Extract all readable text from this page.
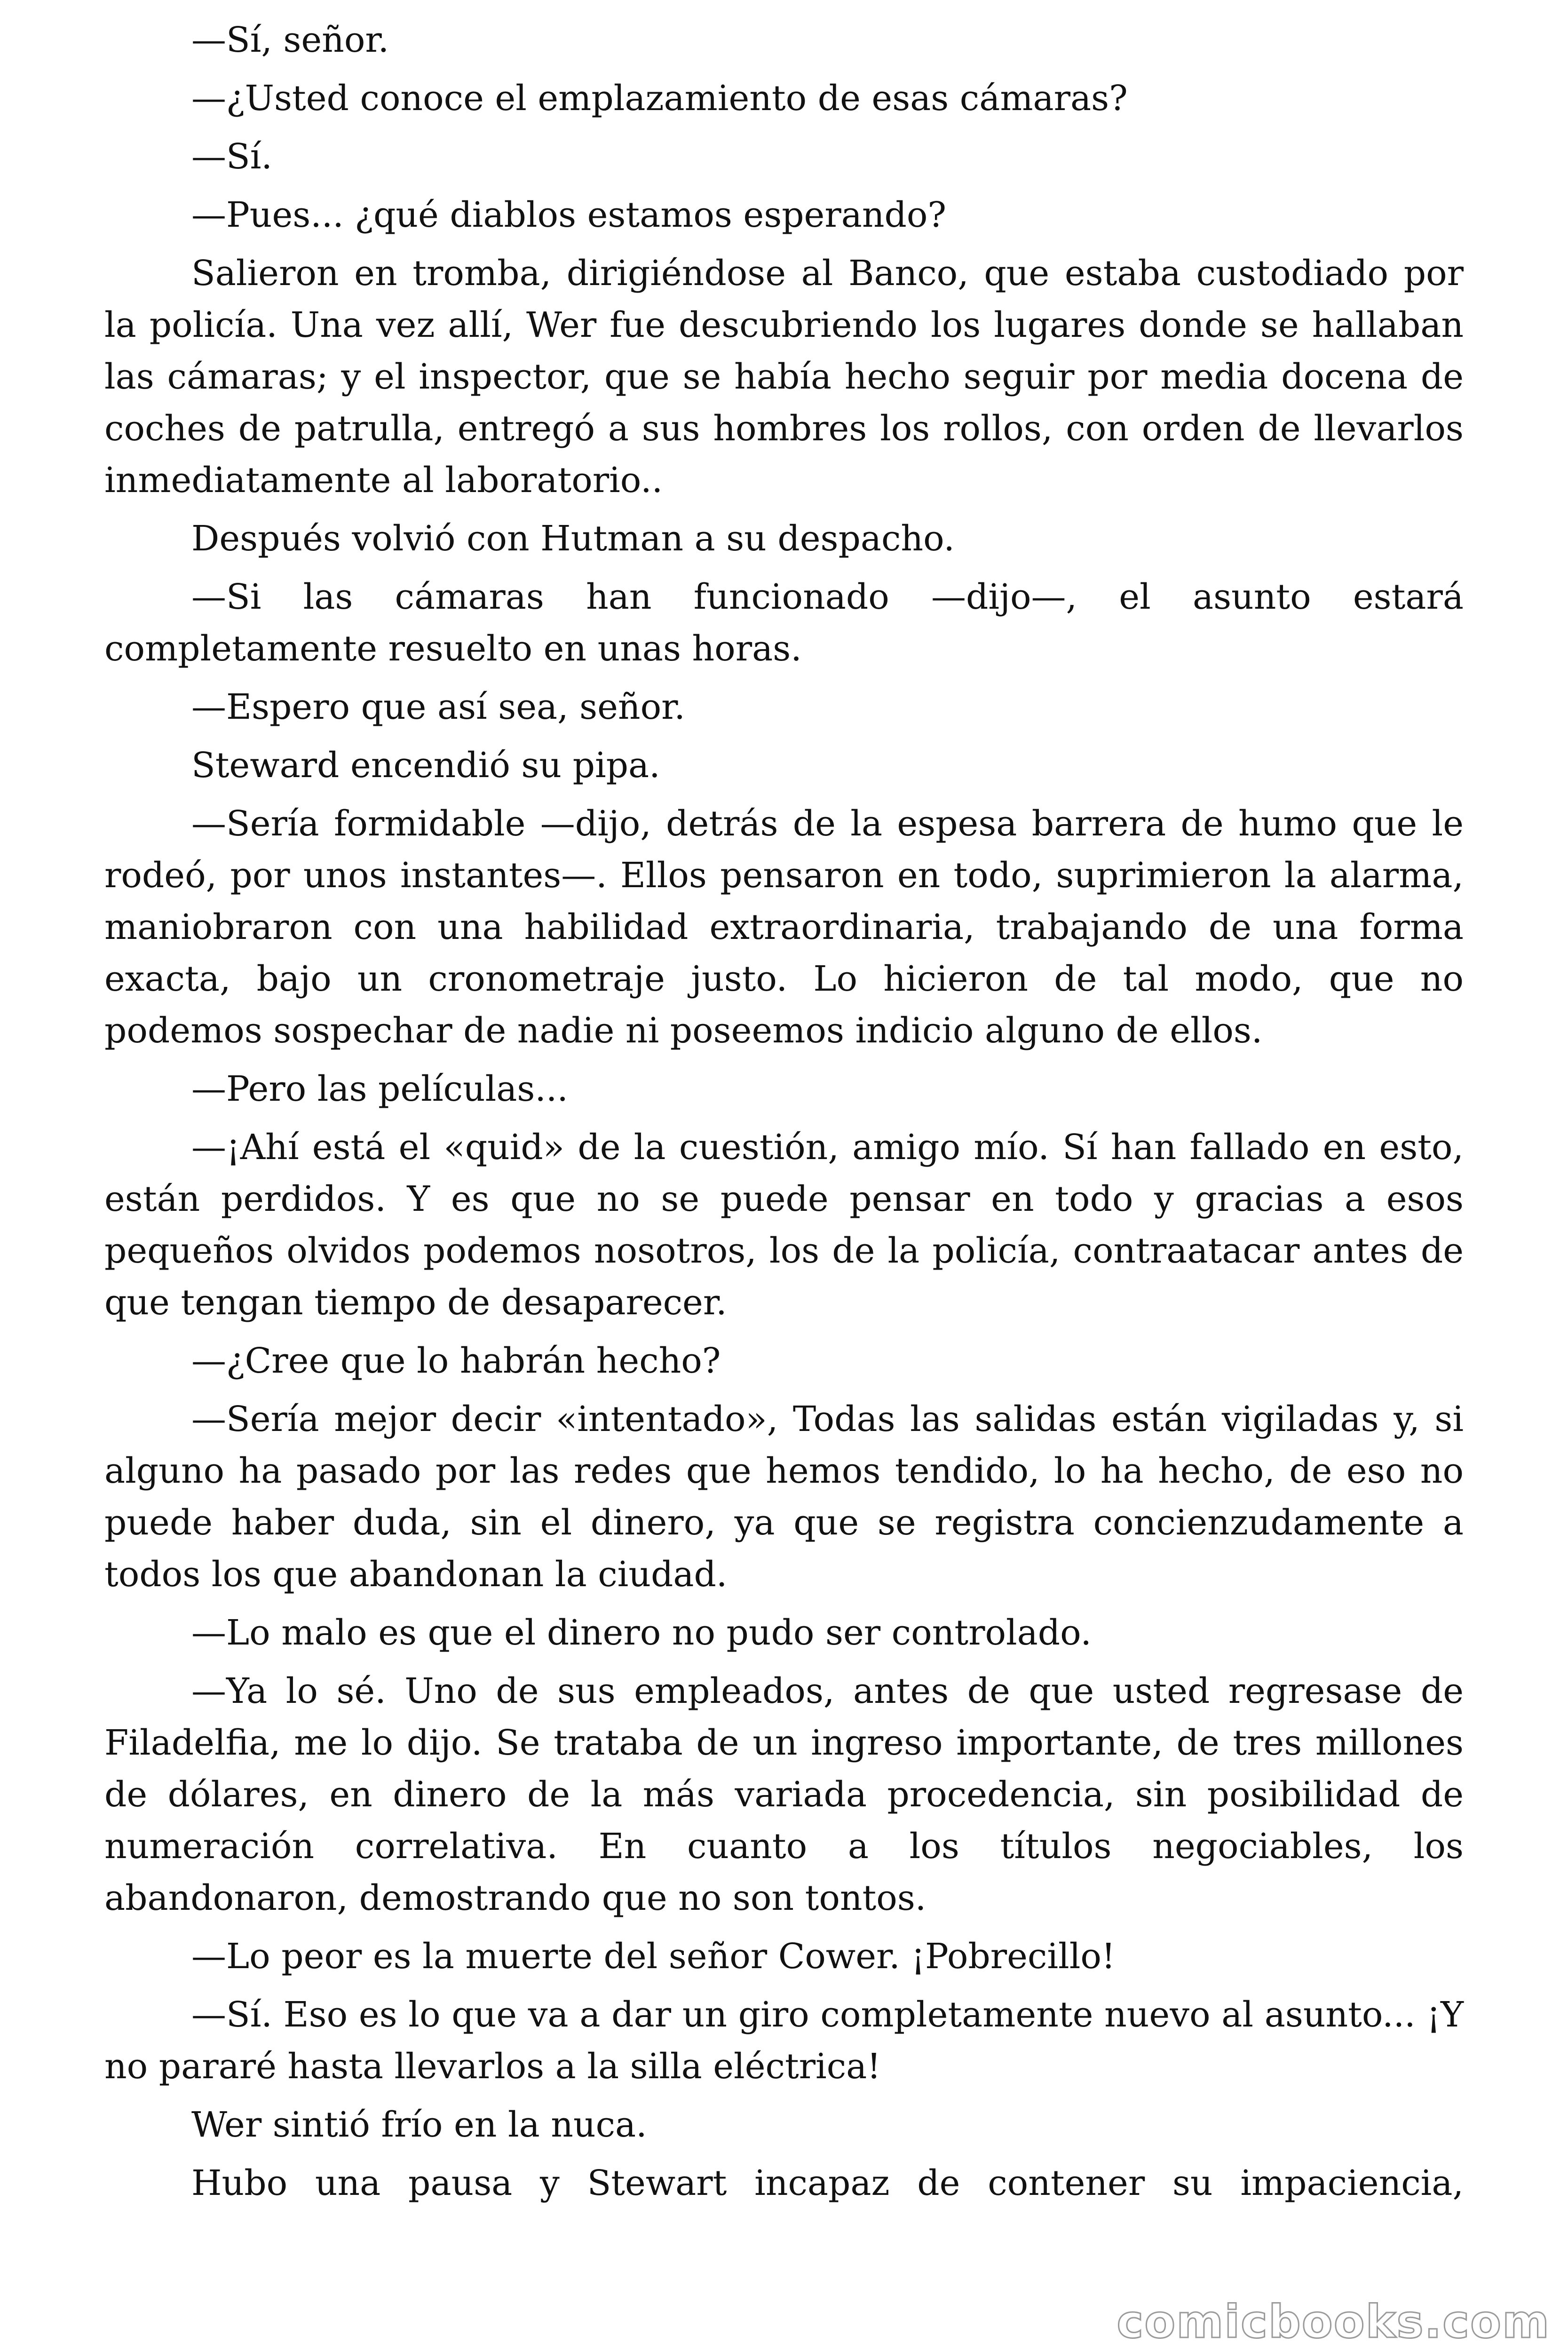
—Sí, señor.

—¿Usted conoce el emplazamiento de esas cámaras?

—Sí.

—Pues... ¿qué diablos estamos esperando?

Salieron en tromba, dirigiéndose al Banco, que estaba custodiado por la policía. Una vez allí, Wer fue descubriendo los lugares donde se hallaban las cámaras; y el inspector, que se había hecho seguir por media docena de coches de patrulla, entregó a sus hombres los rollos, con orden de llevarlos inmediatamente al laboratorio..

Después volvió con Hutman a su despacho.

—Si las cámaras han funcionado —dijo—, el asunto estará completamente resuelto en unas horas.

—Espero que así sea, señor.

Steward encendió su pipa.

—Sería formidable —dijo, detrás de la espesa barrera de humo que le rodeó, por unos instantes—. Ellos pensaron en todo, suprimieron la alarma, maniobraron con una habilidad extraordinaria, trabajando de una forma exacta, bajo un cronometraje justo. Lo hicieron de tal modo, que no podemos sospechar de nadie ni poseemos indicio alguno de ellos.

—Pero las películas...

—¡Ahí está el «quid» de la cuestión, amigo mío. Sí han fallado en esto, están perdidos. Y es que no se puede pensar en todo y gracias a esos pequeños olvidos podemos nosotros, los de la policía, contraatacar antes de que tengan tiempo de desaparecer.

—¿Cree que lo habrán hecho?

—Sería mejor decir «intentado», Todas las salidas están vigiladas y, si alguno ha pasado por las redes que hemos tendido, lo ha hecho, de eso no puede haber duda, sin el dinero, ya que se registra concienzudamente a todos los que abandonan la ciudad.

—Lo malo es que el dinero no pudo ser controlado.

—Ya lo sé. Uno de sus empleados, antes de que usted regresase de Filadelfia, me lo dijo. Se trataba de un ingreso importante, de tres millones de dólares, en dinero de la más variada procedencia, sin posibilidad de numeración correlativa. En cuanto a los títulos negociables, los abandonaron, demostrando que no son tontos.

—Lo peor es la muerte del señor Cower. ¡Pobrecillo!

—Sí. Eso es lo que va a dar un giro completamente nuevo al asunto... ¡Y no pararé hasta llevarlos a la silla eléctrica!

Wer sintió frío en la nuca.

Hubo una pausa y Stewart incapaz de contener su impaciencia,

comicbooks.com
